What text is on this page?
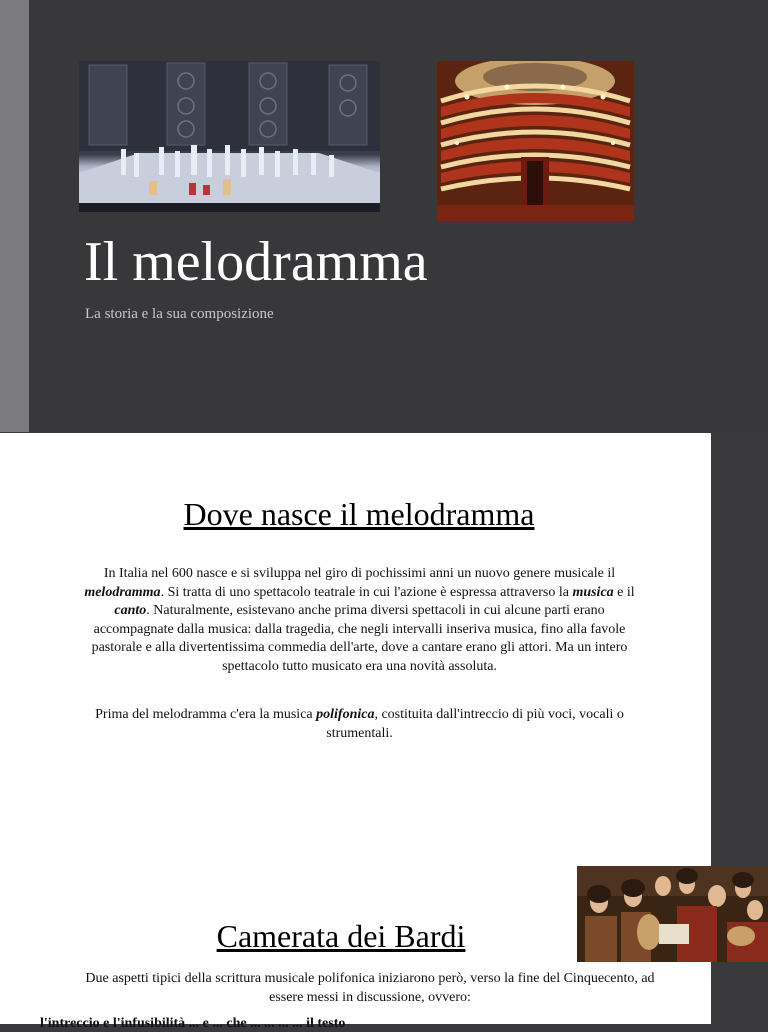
Il melodramma
La storia e la sua composizione
Dove nasce il melodramma
In Italia nel 600 nasce e si sviluppa nel giro di pochissimi anni un nuovo genere musicale il melodramma. Si tratta di uno spettacolo teatrale in cui l'azione è espressa attraverso la musica e il canto. Naturalmente, esistevano anche prima diversi spettacoli in cui alcune parti erano accompagnate dalla musica: dalla tragedia, che negli intervalli inseriva musica, fino alla favole pastorale e alla divertentissima commedia dell'arte, dove a cantare erano gli attori. Ma un intero spettacolo tutto musicato era una novità assoluta.
Prima del melodramma c'era la musica polifonica, costituita dall'intreccio di più voci, vocali o strumentali.
Camerata dei Bardi
Due aspetti tipici della scrittura musicale polifonica iniziarono però, verso la fine del Cinquecento, ad essere messi in discussione, ovvero:
l'intreccio e l'infusibilità ... e ... che ... ... ... ... il testo
